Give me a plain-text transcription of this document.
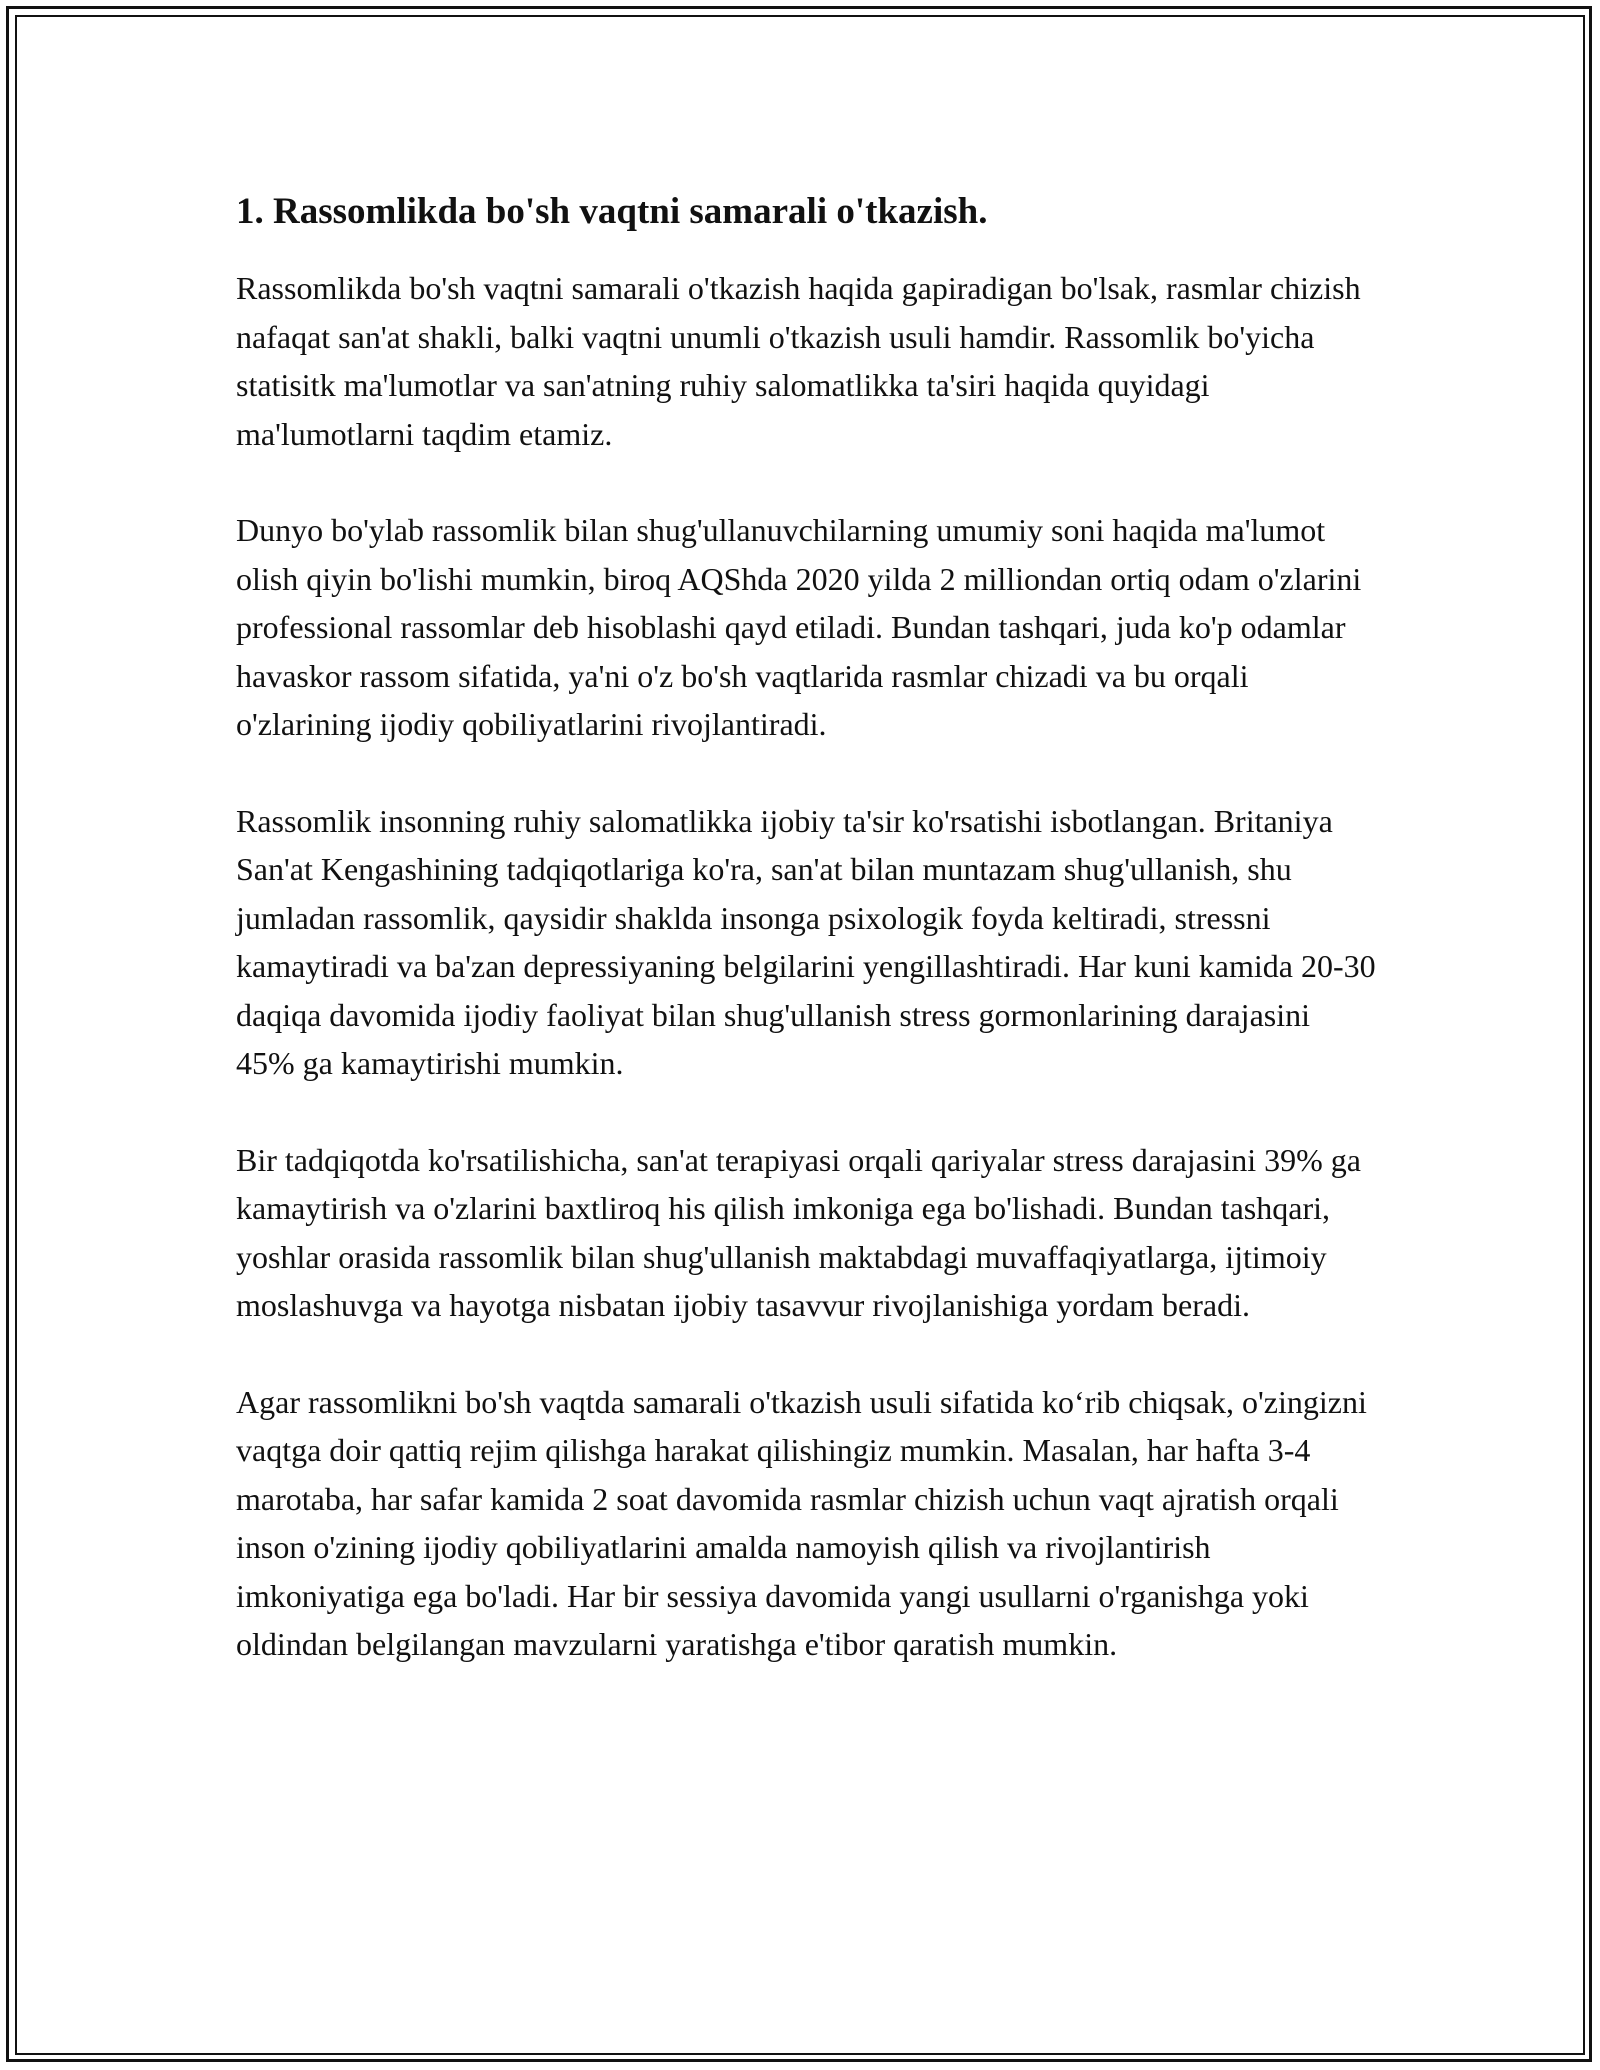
1. Rassomlikda bo'sh vaqtni samarali o'tkazish.

Rassomlikda bo'sh vaqtni samarali o'tkazish haqida gapiradigan bo'lsak, rasmlar chizish nafaqat san'at shakli, balki vaqtni unumli o'tkazish usuli hamdir. Rassomlik bo'yicha statisitk ma'lumotlar va san'atning ruhiy salomatlikka ta'siri haqida quyidagi ma'lumotlarni taqdim etamiz.

Dunyo bo'ylab rassomlik bilan shug'ullanuvchilarning umumiy soni haqida ma'lumot olish qiyin bo'lishi mumkin, biroq AQShda 2020 yilda 2 milliondan ortiq odam o'zlarini professional rassomlar deb hisoblashi qayd etiladi. Bundan tashqari, juda ko'p odamlar havaskor rassom sifatida, ya'ni o'z bo'sh vaqtlarida rasmlar chizadi va bu orqali o'zlarining ijodiy qobiliyatlarini rivojlantiradi.

Rassomlik insonning ruhiy salomatlikka ijobiy ta'sir ko'rsatishi isbotlangan. Britaniya San'at Kengashining tadqiqotlariga ko'ra, san'at bilan muntazam shug'ullanish, shu jumladan rassomlik, qaysidir shaklda insonga psixologik foyda keltiradi, stressni kamaytiradi va ba'zan depressiyaning belgilarini yengillashtiradi. Har kuni kamida 20-30 daqiqa davomida ijodiy faoliyat bilan shug'ullanish stress gormonlarining darajasini 45% ga kamaytirishi mumkin.

Bir tadqiqotda ko'rsatilishicha, san'at terapiyasi orqali qariyalar stress darajasini 39% ga kamaytirish va o'zlarini baxtliroq his qilish imkoniga ega bo'lishadi. Bundan tashqari, yoshlar orasida rassomlik bilan shug'ullanish maktabdagi muvaffaqiyatlarga, ijtimoiy moslashuvga va hayotga nisbatan ijobiy tasavvur rivojlanishiga yordam beradi.

Agar rassomlikni bo'sh vaqtda samarali o'tkazish usuli sifatida ko‘rib chiqsak, o'zingizni vaqtga doir qattiq rejim qilishga harakat qilishingiz mumkin. Masalan, har hafta 3-4 marotaba, har safar kamida 2 soat davomida rasmlar chizish uchun vaqt ajratish orqali inson o'zining ijodiy qobiliyatlarini amalda namoyish qilish va rivojlantirish imkoniyatiga ega bo'ladi. Har bir sessiya davomida yangi usullarni o'rganishga yoki oldindan belgilangan mavzularni yaratishga e'tibor qaratish mumkin.
